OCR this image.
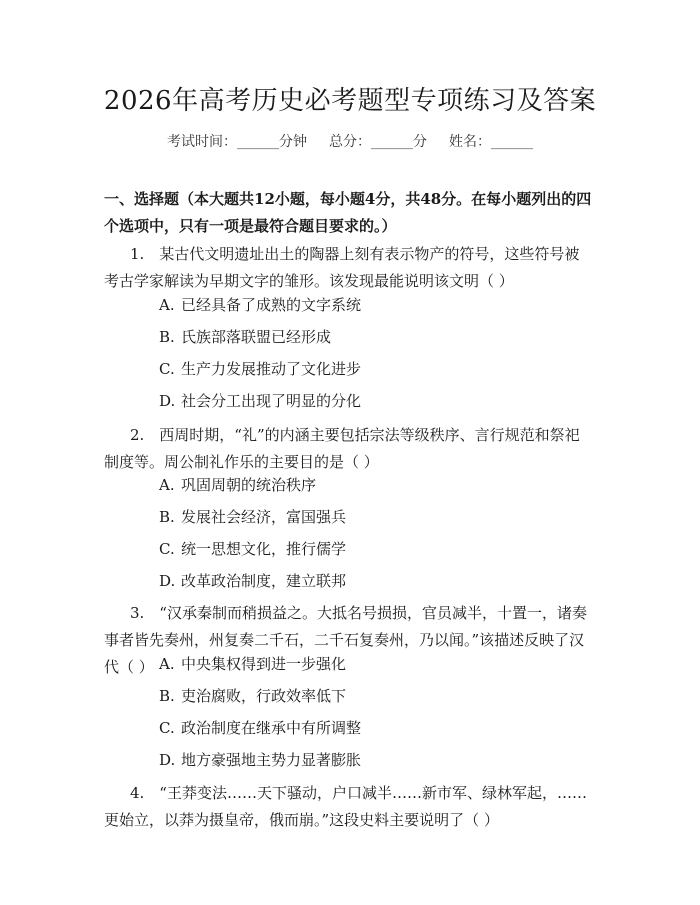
2026年高考历史必考题型专项练习及答案
考试时间：______分钟 总分：______分 姓名：______
一、选择题（本大题共12小题，每小题4分，共48分。在每小题列出的四个选项中，只有一项是最符合题目要求的。）
1.　某古代文明遗址出土的陶器上刻有表示物产的符号，这些符号被考古学家解读为早期文字的雏形。该发现最能说明该文明（ ）
A. 已经具备了成熟的文字系统
B. 氏族部落联盟已经形成
C. 生产力发展推动了文化进步
D. 社会分工出现了明显的分化
2.　西周时期，“礼”的内涵主要包括宗法等级秩序、言行规范和祭祀制度等。周公制礼作乐的主要目的是（ ）
A. 巩固周朝的统治秩序
B. 发展社会经济，富国强兵
C. 统一思想文化，推行儒学
D. 改革政治制度，建立联邦
3.　“汉承秦制而稍损益之。大抵名号损损，官员减半，十置一，诸奏事者皆先奏州，州复奏二千石，二千石复奏州，乃以闻。”该描述反映了汉代（ ） A. 中央集权得到进一步强化
B. 吏治腐败，行政效率低下
C. 政治制度在继承中有所调整
D. 地方豪强地主势力显著膨胀
4.　“王莽变法……天下骚动，户口减半……新市军、绿林军起，……更始立，以莽为摄皇帝，俄而崩。”这段史料主要说明了（ ）
